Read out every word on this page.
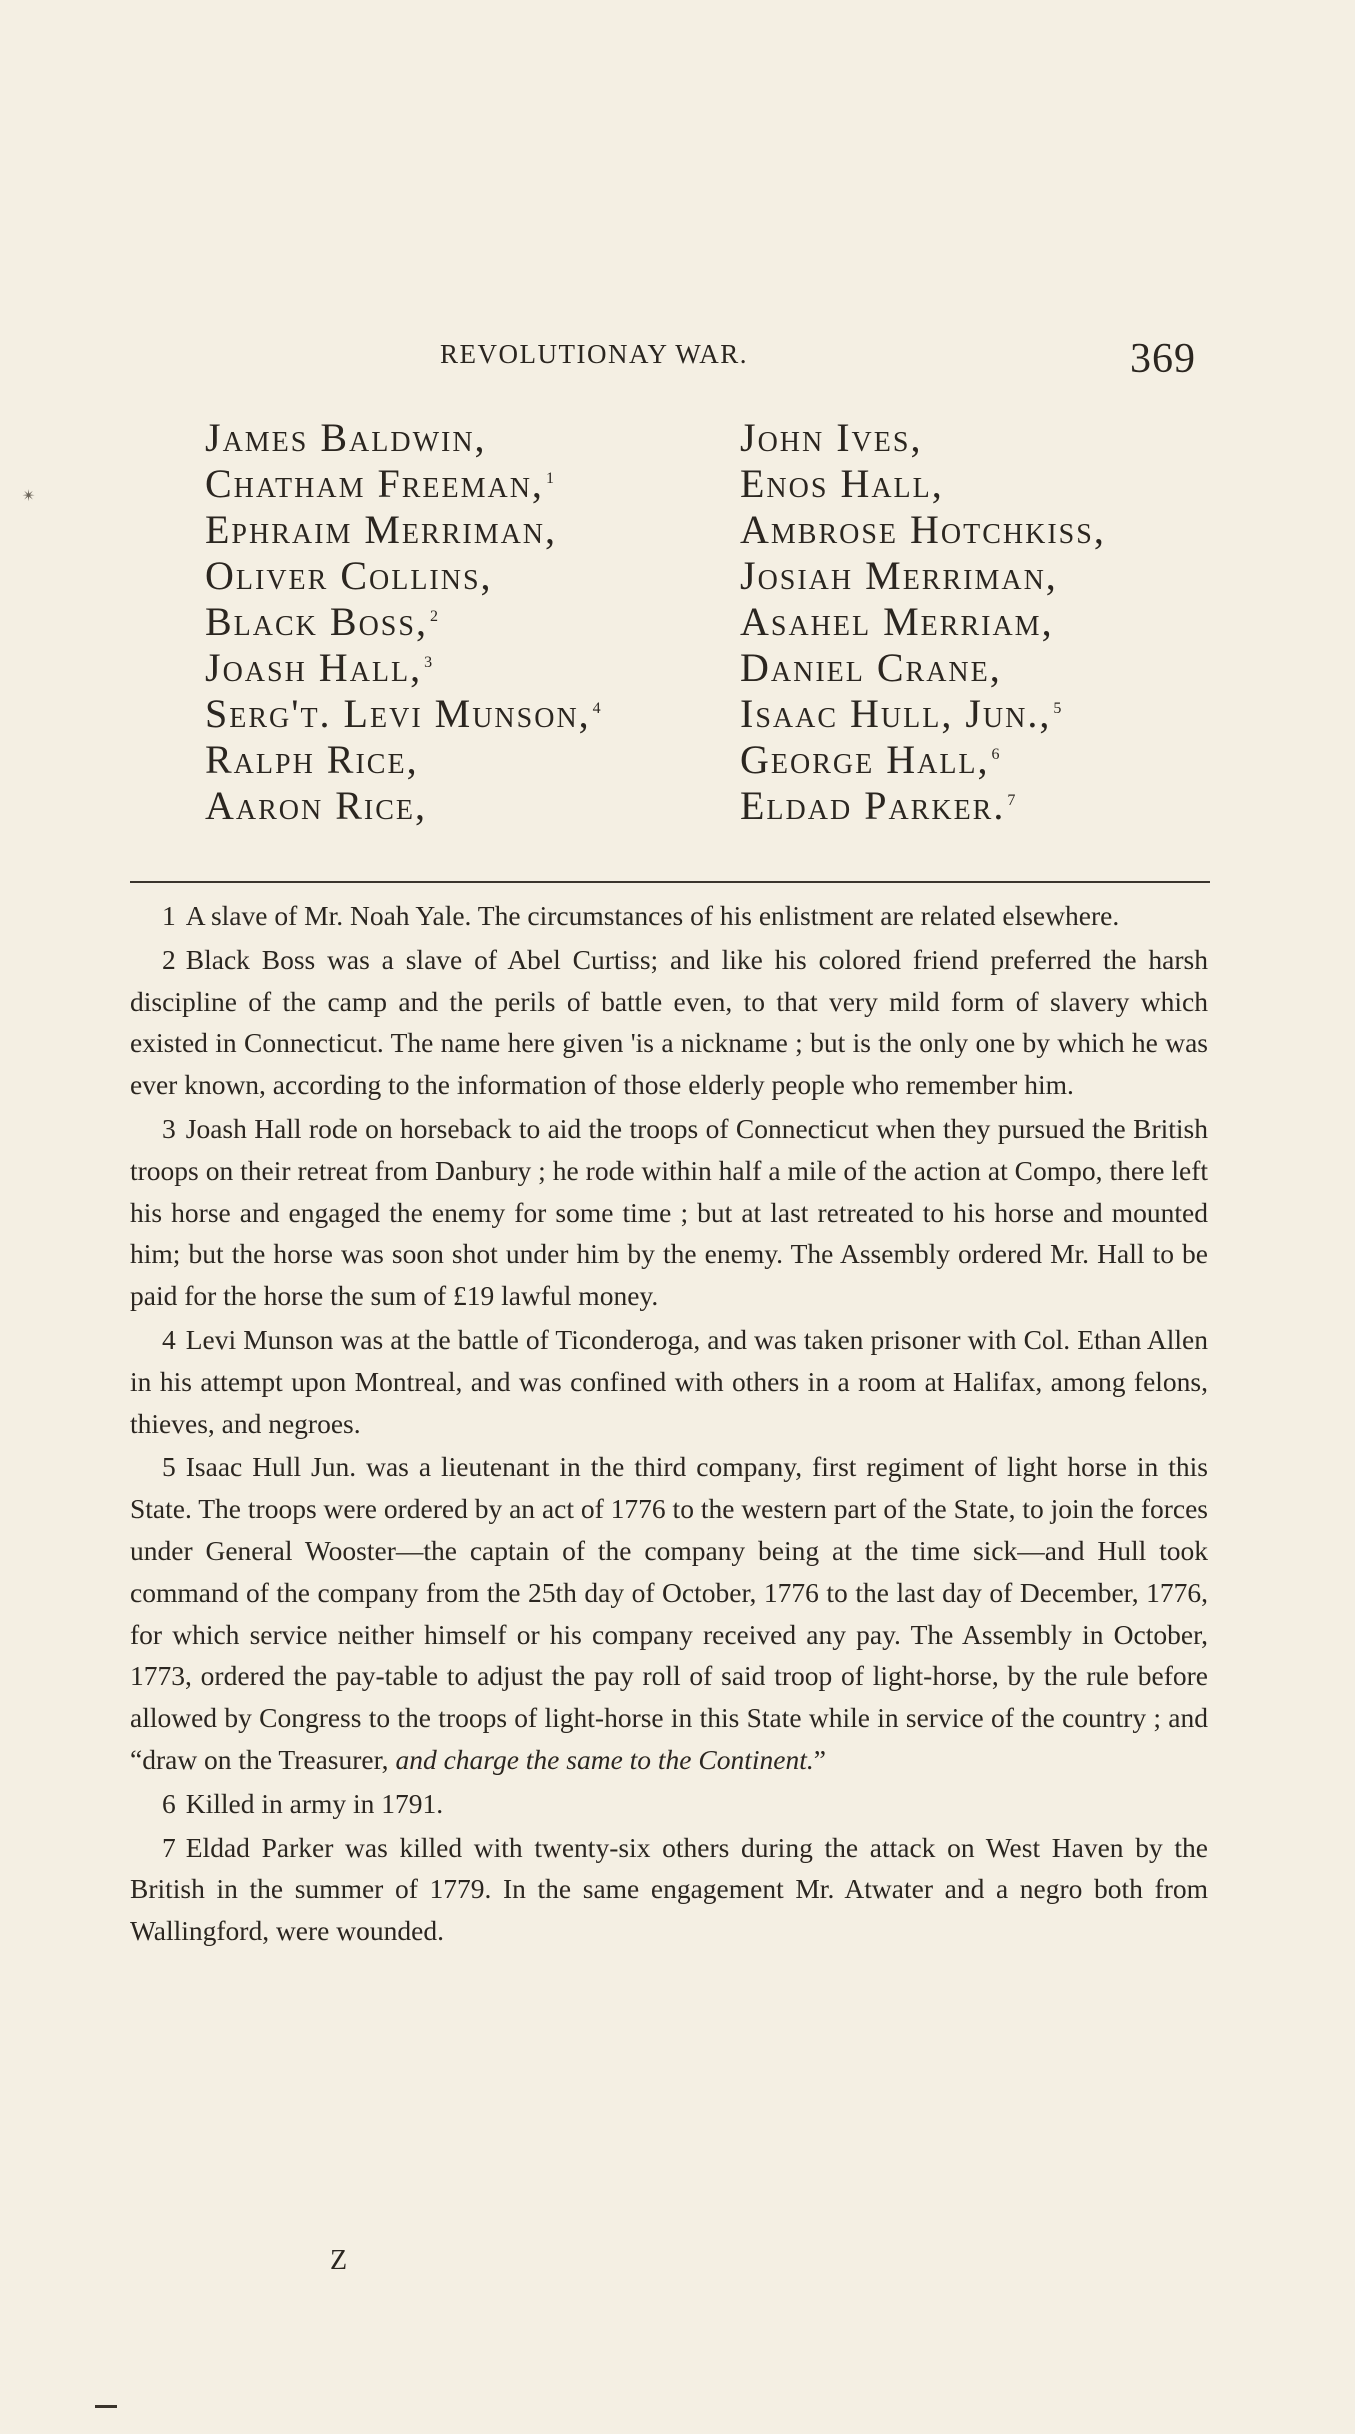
REVOLUTIONAY WAR.	369
✴
James Baldwin,
Chatham Freeman, $^1$
Ephraim Merriman,
Oliver Collins,
Black Boss, $^2$
Joash Hall, $^3$
Serg't. Levi Munson, $^4$
Ralph Rice,
Aaron Rice,
John Ives,
Enos Hall,
Ambrose Hotchkiss,
Josiah Merriman,
Asahel Merriam,
Daniel Crane,
Isaac Hull, Jun., $^5$
George Hall, $^6$
Eldad Parker. $^7$

1 A slave of Mr. Noah Yale. The circumstances of his enlistment are related elsewhere.

2 Black Boss was a slave of Abel Curtiss; and like his colored friend preferred the harsh discipline of the camp and the perils of battle even, to that very mild form of slavery which existed in Connecticut. The name here given 'is a nickname ; but is the only one by which he was ever known, according to the information of those elderly people who remember him.

3 Joash Hall rode on horseback to aid the troops of Connecticut when they pursued the British troops on their retreat from Danbury ; he rode within half a mile of the action at Compo, there left his horse and engaged the enemy for some time ; but at last retreated to his horse and mounted him; but the horse was soon shot under him by the enemy. The Assembly ordered Mr. Hall to be paid for the horse the sum of £19 lawful money.

4 Levi Munson was at the battle of Ticonderoga, and was taken prisoner with Col. Ethan Allen in his attempt upon Montreal, and was confined with others in a room at Halifax, among felons, thieves, and negroes.

5 Isaac Hull Jun. was a lieutenant in the third company, first regiment of light horse in this State. The troops were ordered by an act of 1776 to the western part of the State, to join the forces under General Wooster—the captain of the company being at the time sick—and Hull took command of the company from the 25th day of October, 1776 to the last day of December, 1776, for which service neither himself or his company received any pay. The Assembly in October, 1773, ordered the pay-table to adjust the pay roll of said troop of light-horse, by the rule before allowed by Congress to the troops of light-horse in this State while in service of the country ; and “draw on the Treasurer, and charge the same to the Continent.”

6 Killed in army in 1791.

7 Eldad Parker was killed with twenty-six others during the attack on West Haven by the British in the summer of 1779. In the same engagement Mr. Atwater and a negro both from Wallingford, were wounded.

Z
